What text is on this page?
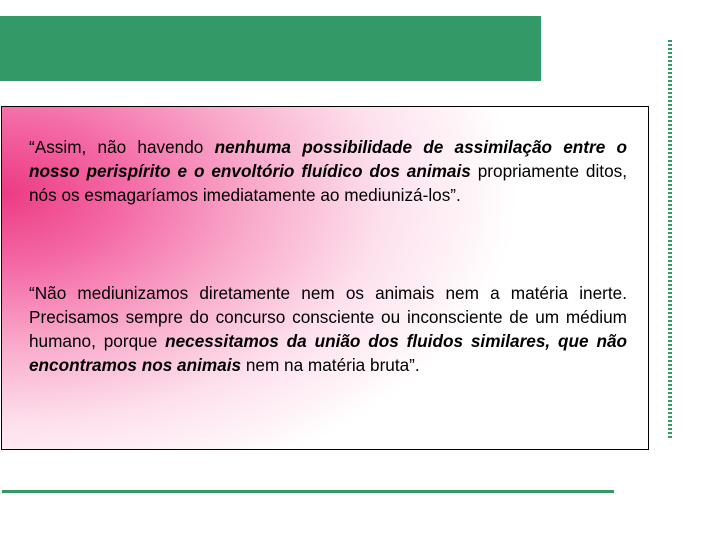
“Assim, não havendo nenhuma possibilidade de assimilação entre o nosso perispírito e o envoltório fluídico dos animais propriamente ditos, nós os esmagaríamos imediatamente ao mediunizá-los”.

“Não mediunizamos diretamente nem os animais nem a matéria inerte. Precisamos sempre do concurso consciente ou inconsciente de um médium humano, porque necessitamos da união dos fluidos similares, que não encontramos nos animais nem na matéria bruta”.
